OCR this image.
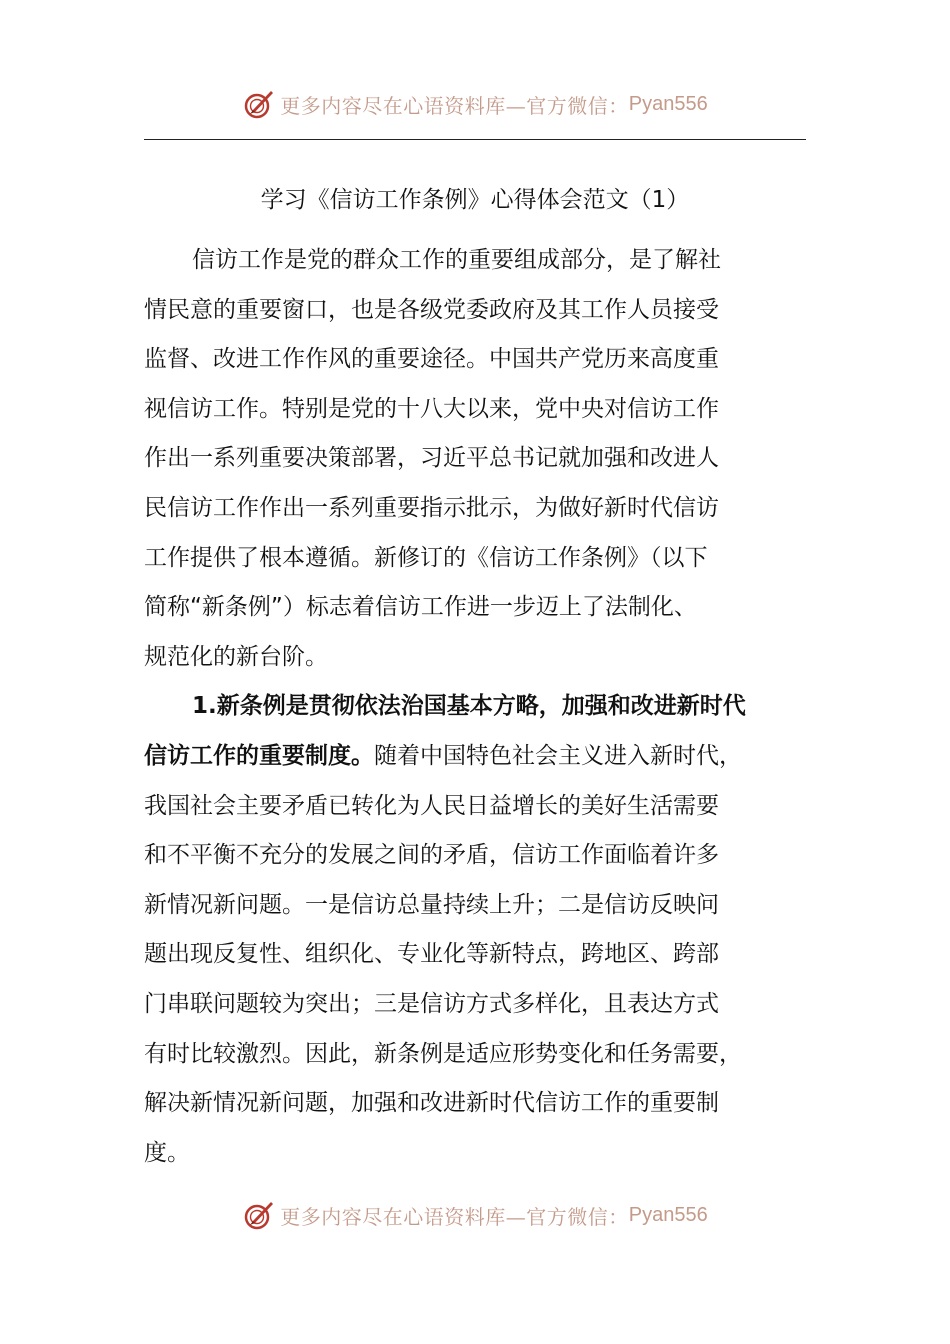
更多内容尽在心语资料库—官方微信： Pyan556
学习《信访工作条例》心得体会范文（1）
信访工作是党的群众工作的重要组成部分，是了解社
情民意的重要窗口，也是各级党委政府及其工作人员接受
监督、改进工作作风的重要途径。中国共产党历来高度重
视信访工作。特别是党的十八大以来，党中央对信访工作
作出一系列重要决策部署，习近平总书记就加强和改进人
民信访工作作出一系列重要指示批示，为做好新时代信访
工作提供了根本遵循。新修订的《信访工作条例》（以下
简称“新条例”）标志着信访工作进一步迈上了法制化、
规范化的新台阶。
1.新条例是贯彻依法治国基本方略，加强和改进新时代
信访工作的重要制度。随着中国特色社会主义进入新时代，
我国社会主要矛盾已转化为人民日益增长的美好生活需要
和不平衡不充分的发展之间的矛盾，信访工作面临着许多
新情况新问题。一是信访总量持续上升；二是信访反映问
题出现反复性、组织化、专业化等新特点，跨地区、跨部
门串联问题较为突出；三是信访方式多样化，且表达方式
有时比较激烈。因此，新条例是适应形势变化和任务需要，
解决新情况新问题，加强和改进新时代信访工作的重要制
度。
更多内容尽在心语资料库—官方微信： Pyan556
